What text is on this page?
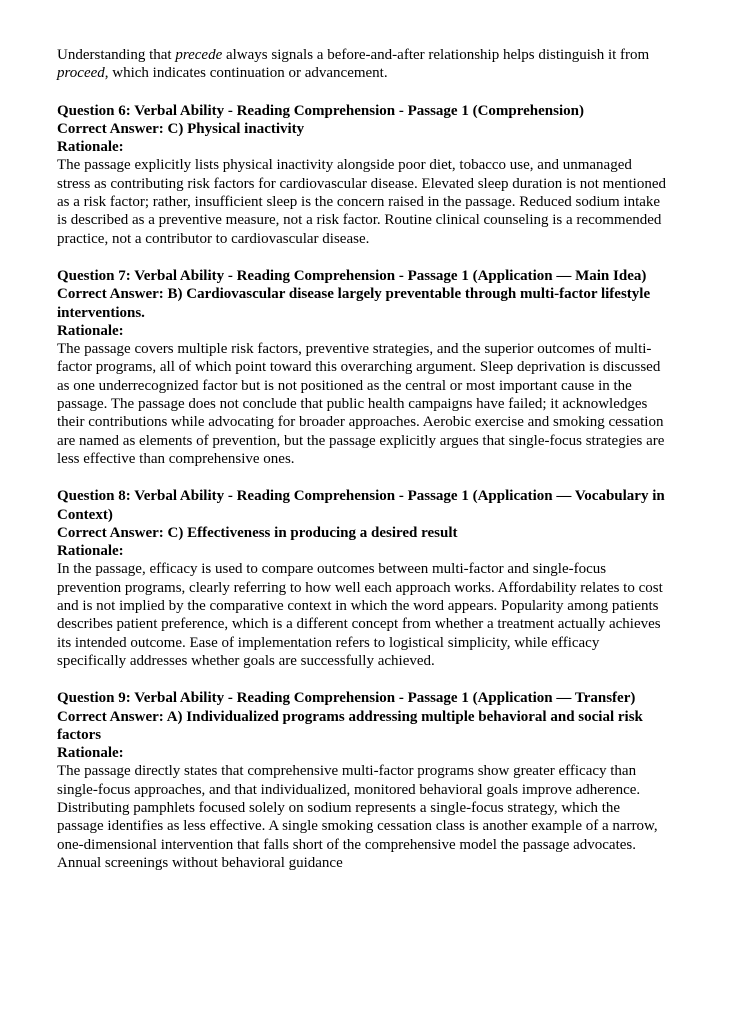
Understanding that precede always signals a before-and-after relationship helps distinguish it from proceed, which indicates continuation or advancement.

Question 6: Verbal Ability - Reading Comprehension - Passage 1 (Comprehension)

Correct Answer: C) Physical inactivity

Rationale:

The passage explicitly lists physical inactivity alongside poor diet, tobacco use, and unmanaged stress as contributing risk factors for cardiovascular disease. Elevated sleep duration is not mentioned as a risk factor; rather, insufficient sleep is the concern raised in the passage. Reduced sodium intake is described as a preventive measure, not a risk factor. Routine clinical counseling is a recommended practice, not a contributor to cardiovascular disease.

Question 7: Verbal Ability - Reading Comprehension - Passage 1 (Application — Main Idea)

Correct Answer: B) Cardiovascular disease largely preventable through multi-factor lifestyle interventions.

Rationale:

The passage covers multiple risk factors, preventive strategies, and the superior outcomes of multi-factor programs, all of which point toward this overarching argument. Sleep deprivation is discussed as one underrecognized factor but is not positioned as the central or most important cause in the passage. The passage does not conclude that public health campaigns have failed; it acknowledges their contributions while advocating for broader approaches. Aerobic exercise and smoking cessation are named as elements of prevention, but the passage explicitly argues that single-focus strategies are less effective than comprehensive ones.

Question 8: Verbal Ability - Reading Comprehension - Passage 1 (Application — Vocabulary in Context)

Correct Answer: C) Effectiveness in producing a desired result

Rationale:

In the passage, efficacy is used to compare outcomes between multi-factor and single-focus prevention programs, clearly referring to how well each approach works. Affordability relates to cost and is not implied by the comparative context in which the word appears. Popularity among patients describes patient preference, which is a different concept from whether a treatment actually achieves its intended outcome. Ease of implementation refers to logistical simplicity, while efficacy specifically addresses whether goals are successfully achieved.

Question 9: Verbal Ability - Reading Comprehension - Passage 1 (Application — Transfer)

Correct Answer: A) Individualized programs addressing multiple behavioral and social risk factors

Rationale:

The passage directly states that comprehensive multi-factor programs show greater efficacy than single-focus approaches, and that individualized, monitored behavioral goals improve adherence. Distributing pamphlets focused solely on sodium represents a single-focus strategy, which the passage identifies as less effective. A single smoking cessation class is another example of a narrow, one-dimensional intervention that falls short of the comprehensive model the passage advocates. Annual screenings without behavioral guidance
